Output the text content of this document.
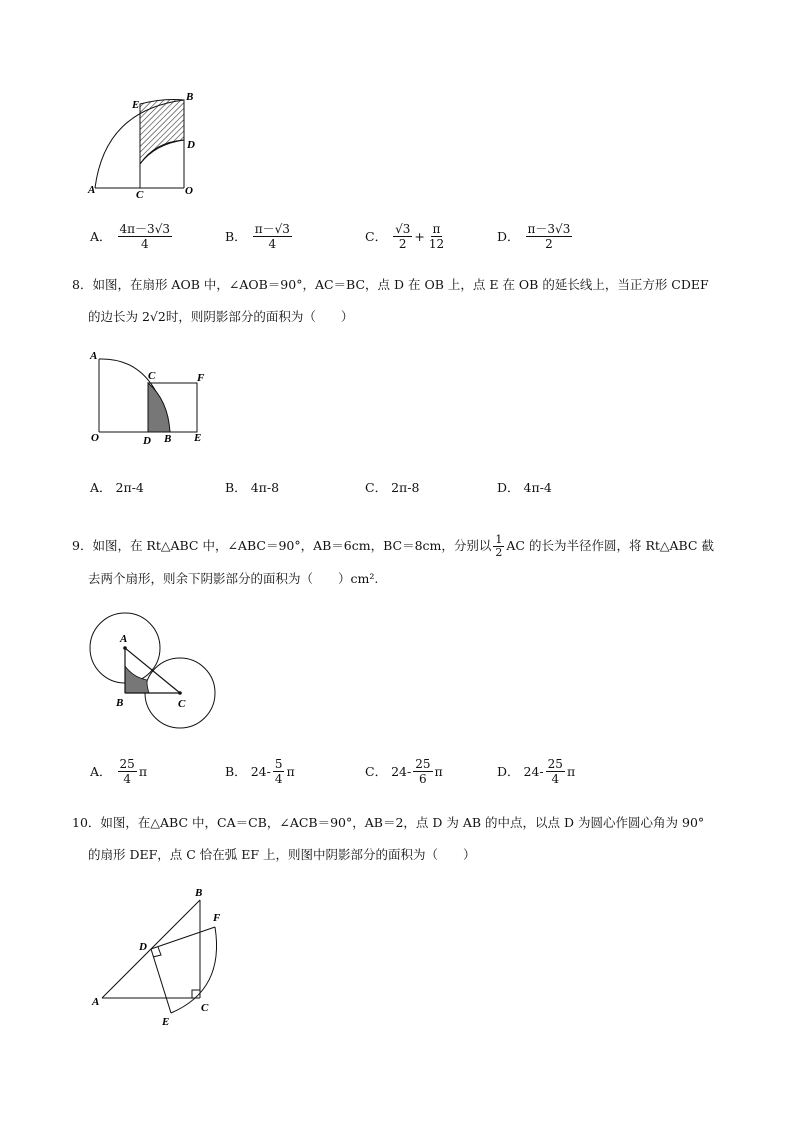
E
B
D
A	C	O
A． $\frac{4\pi-3√3}{4}$	B． $\frac{\pi-√3}{4}$	C． $\frac{√3}{2} + \frac{\pi}{12}$	D． $\frac{\pi-3√3}{2}$
8．如图，在扇形 AOB 中，∠AOB＝90°，AC＝BC，点 D 在 OB 上，点 E 在 OB 的延长线上，当正方形 CDEF
的边长为 2√2时，则阴影部分的面积为（　　）
A
C	F
O	D B E
A． 2π-4	B． 4π-8	C． 2π-8	D． 4π-4
9．如图，在 Rt△ABC 中，∠ABC＝90°，AB＝6cm，BC＝8cm，分别以 $\frac{1}{2}$ AC 的长为半径作圆，将 Rt△ABC 截
去两个扇形，则余下阴影部分的面积为（　　）cm².
A
B	C
A． $\frac{25}{4}$ π	B． $24- \frac{5}{4}$ π	C． $24- \frac{25}{6}$ π	D． $24- \frac{25}{4}$ π
10．如图，在△ABC 中，CA＝CB，∠ACB＝90°，AB＝2，点 D 为 AB 的中点，以点 D 为圆心作圆心角为 90°
的扇形 DEF，点 C 恰在弧 EF 上，则图中阴影部分的面积为（　　）
B
F
D
A
E
C
